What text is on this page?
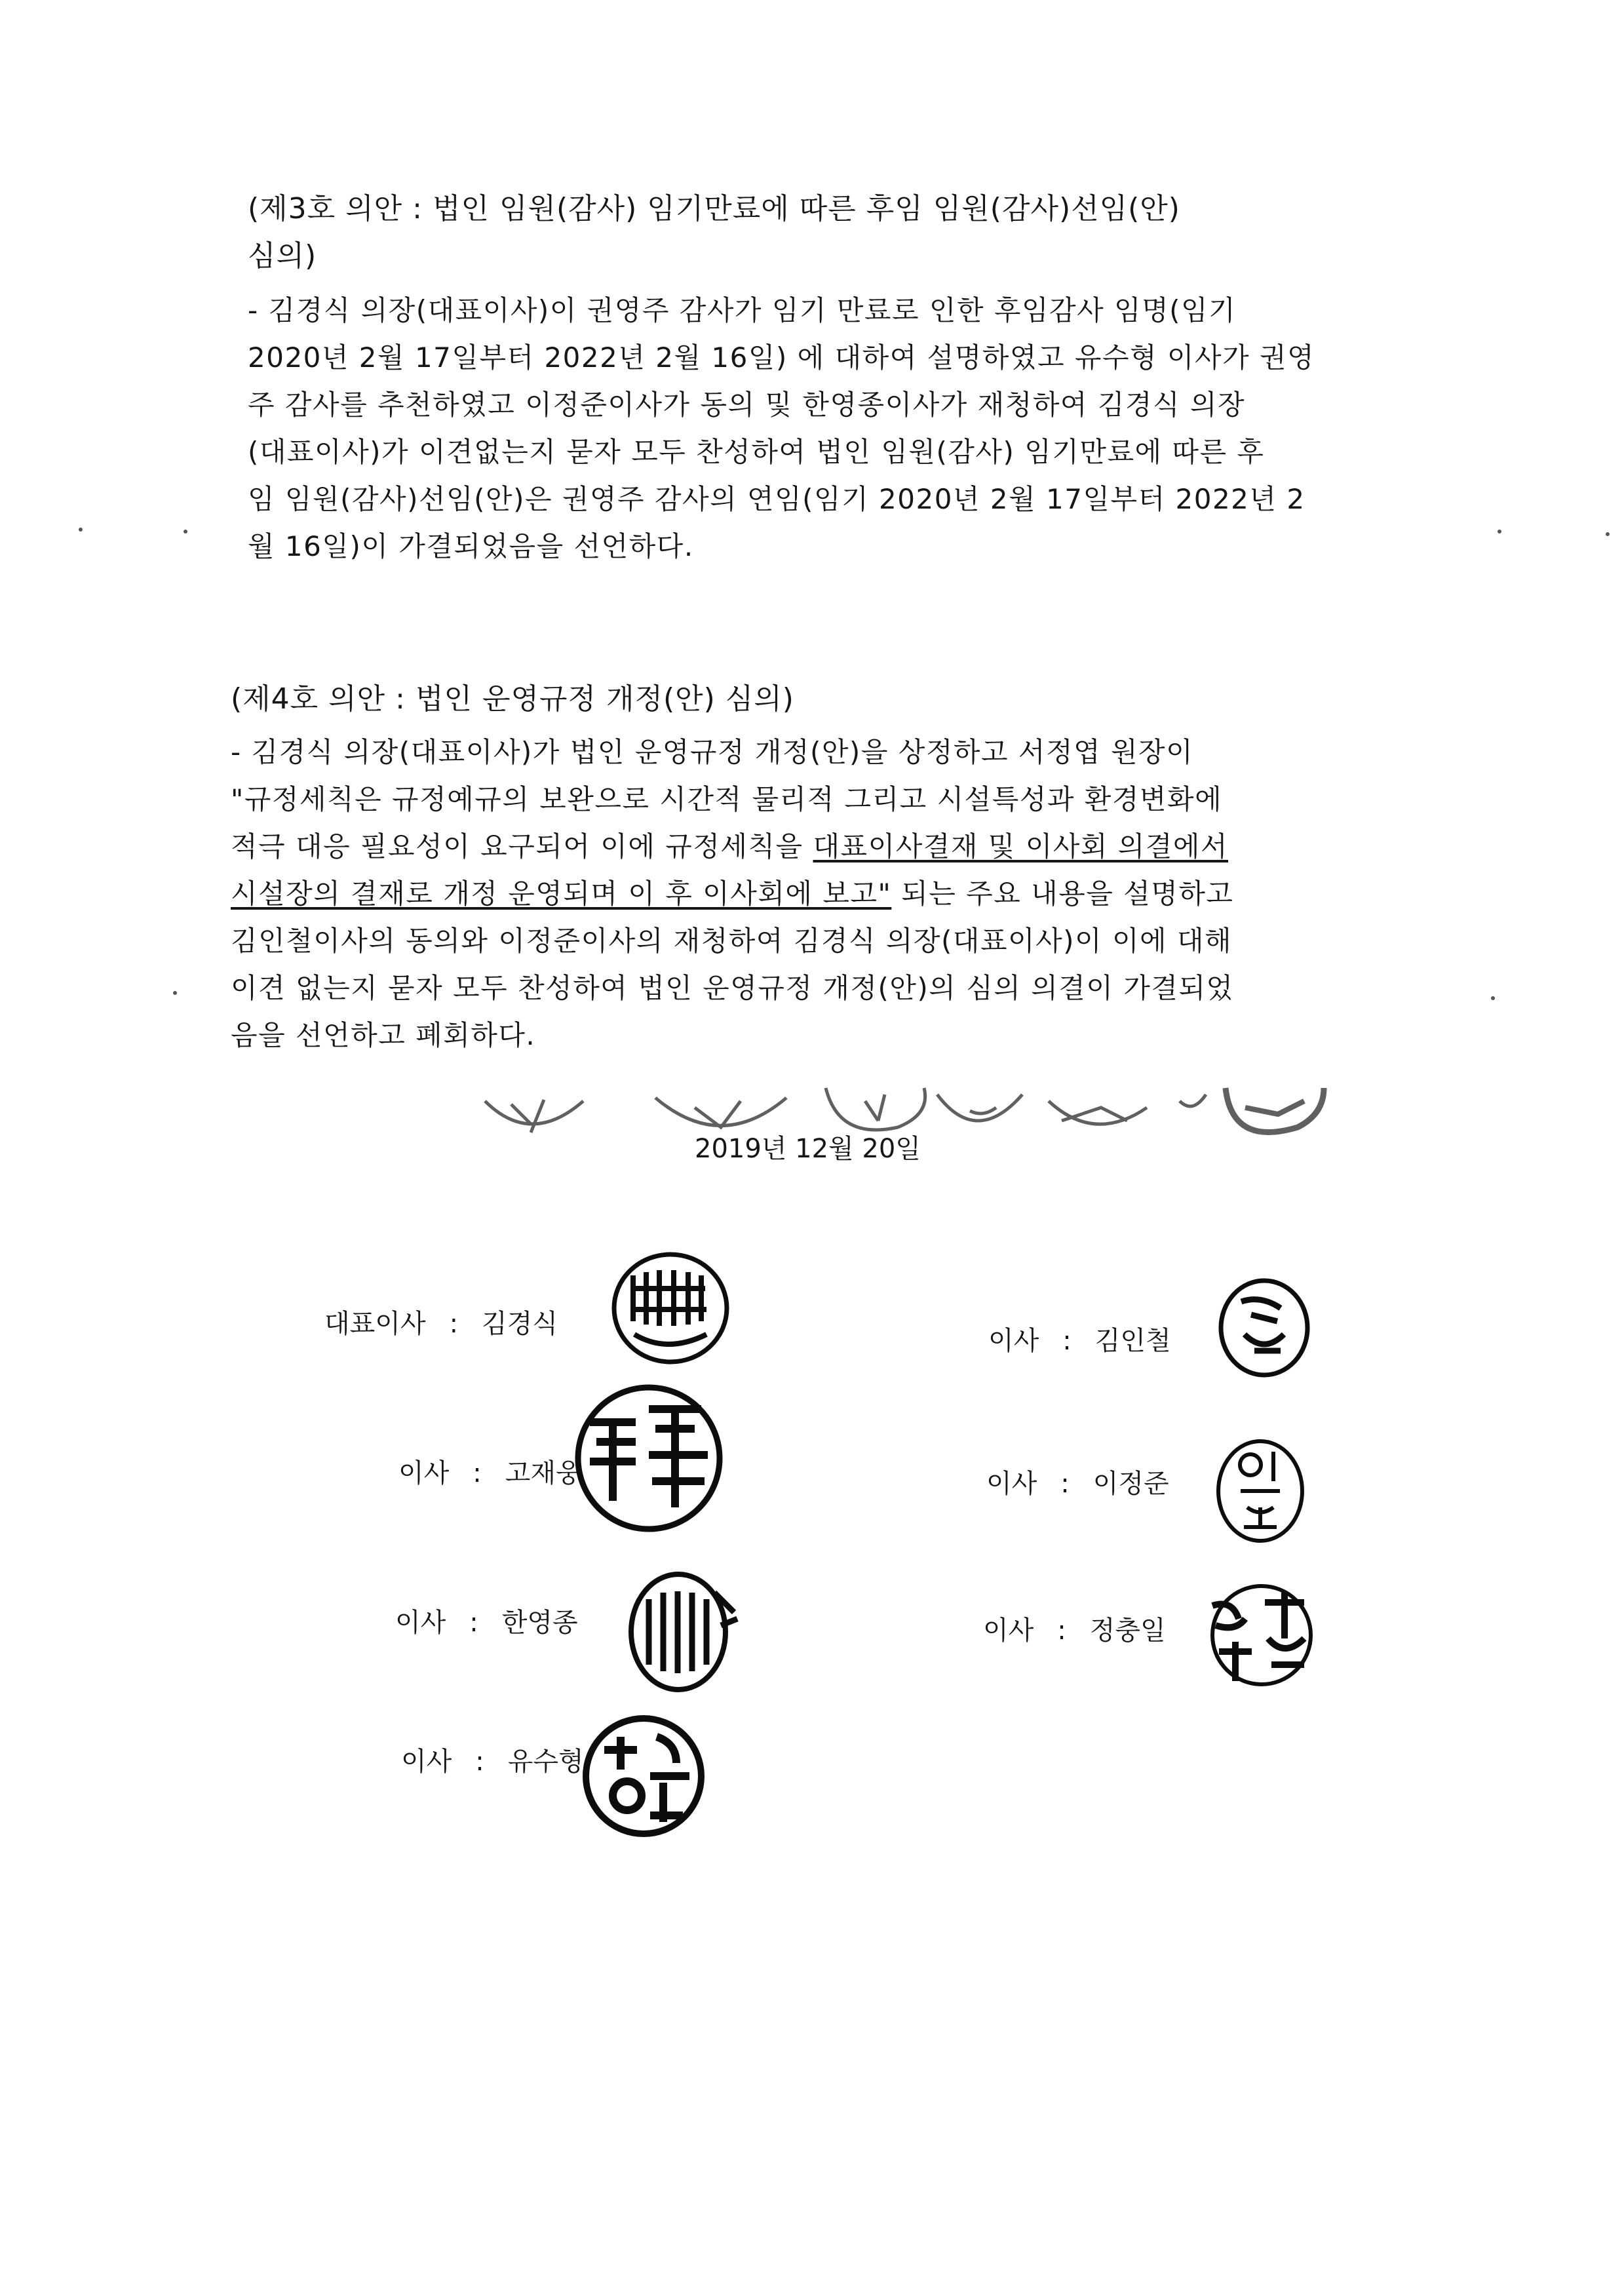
(제3호 의안 : 법인 임원(감사) 임기만료에 따른 후임 임원(감사)선임(안)
심의)
- 김경식 의장(대표이사)이 권영주 감사가 임기 만료로 인한 후임감사 임명(임기
2020년 2월 17일부터 2022년 2월 16일) 에 대하여 설명하였고 유수형 이사가 권영
주 감사를 추천하였고 이정준이사가 동의 및 한영종이사가 재청하여 김경식 의장
(대표이사)가 이견없는지 묻자 모두 찬성하여 법인 임원(감사) 임기만료에 따른 후
임 임원(감사)선임(안)은 권영주 감사의 연임(임기 2020년 2월 17일부터 2022년 2
월 16일)이 가결되었음을 선언하다.
(제4호 의안 : 법인 운영규정 개정(안) 심의)
- 김경식 의장(대표이사)가 법인 운영규정 개정(안)을 상정하고 서정엽 원장이
"규정세칙은 규정예규의 보완으로 시간적 물리적 그리고 시설특성과 환경변화에
적극 대응 필요성이 요구되어 이에 규정세칙을 대표이사결재 및 이사회 의결에서
시설장의 결재로 개정 운영되며 이 후 이사회에 보고" 되는 주요 내용을 설명하고
김인철이사의 동의와 이정준이사의 재청하여 김경식 의장(대표이사)이 이에 대해
이견 없는지 묻자 모두 찬성하여 법인 운영규정 개정(안)의 심의 의결이 가결되었
음을 선언하고 폐회하다.
2019년 12월 20일
대표이사 : 김경식
이사 : 김인철
이사 : 고재웅	이사 : 이정준
이사 : 한영종	이사 : 정충일
이사 : 유수형
